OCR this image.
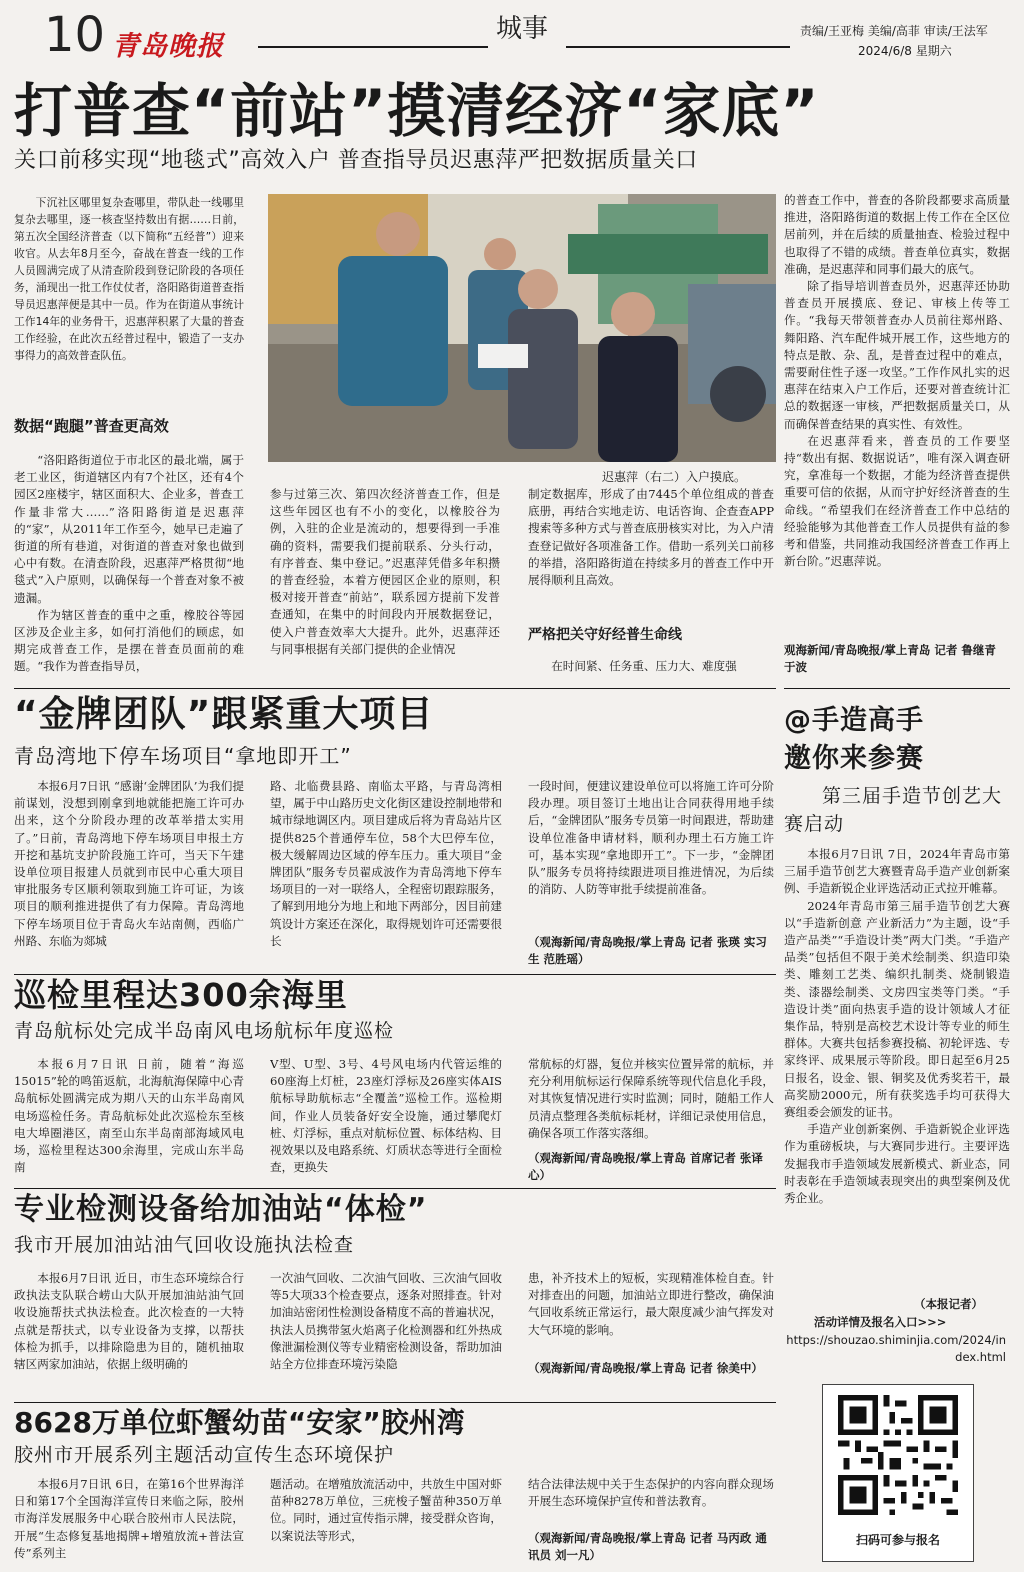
10 青岛晚报
城事	责编/王亚梅 美编/高菲 审读/王法军
2024/6/8 星期六
打普查“前站”摸清经济“家底”
关口前移实现“地毯式”高效入户 普查指导员迟惠萍严把数据质量关口

下沉社区哪里复杂查哪里，带队赴一线哪里复杂去哪里，逐一核查坚持数出有据……日前，第五次全国经济普查（以下简称“五经普”）迎来收官。从去年8月至今，奋战在普查一线的工作人员圆满完成了从清查阶段到登记阶段的各项任务，涌现出一批工作仗仗者，洛阳路街道普查指导员迟惠萍便是其中一员。作为在街道从事统计工作14年的业务骨干，迟惠萍积累了大量的普查工作经验，在此次五经普过程中，锻造了一支办事得力的高效普查队伍。

数据“跑腿”普查更高效
迟惠萍（右二）入户摸底。

“洛阳路街道位于市北区的最北端，属于老工业区，街道辖区内有7个社区，还有4个园区2座楼宇，辖区面积大、企业多，普查工作量非常大……”洛阳路街道是迟惠萍的“家”，从2011年工作至今，她早已走遍了街道的所有巷道，对街道的普查对象也做到心中有数。在清查阶段，迟惠萍严格贯彻“地毯式”入户原则，以确保每一个普查对象不被遗漏。

作为辖区普查的重中之重，橡胶谷等园区涉及企业主多，如何打消他们的顾虑，如期完成普查工作，是摆在普查员面前的难题。“我作为普查指导员，

参与过第三次、第四次经济普查工作，但是这些年园区也有不小的变化，以橡胶谷为例，入驻的企业是流动的，想要得到一手准确的资料，需要我们提前联系、分头行动，有序普查、集中登记。”迟惠萍凭借多年积攒的普查经验，本着方便园区企业的原则，积极对接开普查“前站”，联系园方提前下发普查通知，在集中的时间段内开展数据登记，使入户普查效率大大提升。此外，迟惠萍还与同事根据有关部门提供的企业情况

制定数据库，形成了由7445个单位组成的普查底册，再结合实地走访、电话咨询、企查查APP搜索等多种方式与普查底册核实对比，为入户清查登记做好各项准备工作。借助一系列关口前移的举措，洛阳路街道在持续多月的普查工作中开展得顺利且高效。

严格把关守好经普生命线

在时间紧、任务重、压力大、难度强

的普查工作中，普查的各阶段都要求高质量推进，洛阳路街道的数据上传工作在全区位居前列，并在后续的质量抽查、检验过程中也取得了不错的成绩。普查单位真实，数据准确，是迟惠萍和同事们最大的底气。

除了指导培训普查员外，迟惠萍还协助普查员开展摸底、登记、审核上传等工作。“我每天带领普查办人员前往郑州路、舞阳路、汽车配件城开展工作，这些地方的特点是散、杂、乱，是普查过程中的难点，需要耐住性子逐一攻坚。”工作作风扎实的迟惠萍在结束入户工作后，还要对普查统计汇总的数据逐一审核，严把数据质量关口，从而确保普查结果的真实性、有效性。

在迟惠萍看来，普查员的工作要坚持“数出有据、数据说话”，唯有深入调查研究，拿准每一个数据，才能为经济普查提供重要可信的依据，从而守护好经济普查的生命线。“希望我们在经济普查工作中总结的经验能够为其他普查工作人员提供有益的参考和借鉴，共同推动我国经济普查工作再上新台阶。”迟惠萍说。

观海新闻/青岛晚报/掌上青岛 记者 鲁继青 于波
“金牌团队”跟紧重大项目
青岛湾地下停车场项目“拿地即开工”

本报6月7日讯 “感谢‘金牌团队’为我们提前谋划，没想到刚拿到地就能把施工许可办出来，这个分阶段办理的改革举措太实用了。”日前，青岛湾地下停车场项目申报土方开挖和基坑支护阶段施工许可，当天下午建设单位项目报建人员就到市民中心重大项目审批服务专区顺利领取到施工许可证，为该项目的顺利推进提供了有力保障。青岛湾地下停车场项目位于青岛火车站南侧，西临广州路、东临为郯城

路、北临费县路、南临太平路，与青岛湾相望，属于中山路历史文化街区建设控制地带和城市绿地调区内。项目建成后将为青岛站片区提供825个普通停车位，58个大巴停车位，极大缓解周边区域的停车压力。重大项目“金牌团队”服务专员翟成波作为青岛湾地下停车场项目的一对一联络人，全程密切跟踪服务，了解到用地分为地上和地下两部分，因目前建筑设计方案还在深化，取得规划许可还需要很长

一段时间，便建议建设单位可以将施工许可分阶段办理。项目签订土地出让合同获得用地手续后，“金牌团队”服务专员第一时间跟进，帮助建设单位准备申请材料，顺利办理土石方施工许可，基本实现“拿地即开工”。下一步，“金牌团队”服务专员将持续跟进项目推进情况，为后续的消防、人防等审批手续提前准备。

（观海新闻/青岛晚报/掌上青岛 记者 张瑛 实习生 范胜瑶）
巡检里程达300余海里
青岛航标处完成半岛南风电场航标年度巡检

本报6月7日讯 日前，随着“海巡15015”轮的鸣笛返航，北海航海保障中心青岛航标处圆满完成为期八天的山东半岛南风电场巡检任务。青岛航标处此次巡检东至核电大埠圈港区，南至山东半岛南部海域风电场，巡检里程达300余海里，完成山东半岛南

V型、U型、3号、4号风电场内代管运维的60座海上灯桩，23座灯浮标及26座实体AIS航标导助航标志“全覆盖”巡检工作。巡检期间，作业人员装备好安全设施，通过攀爬灯桩、灯浮标，重点对航标位置、标体结构、目视效果以及电路系统、灯质状态等进行全面检查，更换失

常航标的灯器，复位并核实位置异常的航标，并充分利用航标运行保障系统等现代信息化手段，对其恢复情况进行实时监测；同时，随船工作人员清点整理各类航标耗材，详细记录使用信息，确保各项工作落实落细。

（观海新闻/青岛晚报/掌上青岛 首席记者 张译心）
专业检测设备给加油站“体检”
我市开展加油站油气回收设施执法检查

本报6月7日讯 近日，市生态环境综合行政执法支队联合崂山大队开展加油站油气回收设施帮扶式执法检查。此次检查的一大特点就是帮扶式，以专业设备为支撑，以帮扶体检为抓手，以排除隐患为目的，随机抽取辖区两家加油站，依据上级明确的

一次油气回收、二次油气回收、三次油气回收等5大项33个检查要点，逐条对照排查。针对加油站密闭性检测设备精度不高的普遍状况，执法人员携带氢火焰离子化检测器和红外热成像泄漏检测仪等专业精密检测设备，帮助加油站全方位排查环境污染隐

患，补齐技术上的短板，实现精准体检自查。针对排查出的问题，加油站立即进行整改，确保油气回收系统正常运行，最大限度减少油气挥发对大气环境的影响。

（观海新闻/青岛晚报/掌上青岛 记者 徐美中）
8628万单位虾蟹幼苗“安家”胶州湾
胶州市开展系列主题活动宣传生态环境保护

本报6月7日讯 6日，在第16个世界海洋日和第17个全国海洋宣传日来临之际，胶州市海洋发展服务中心联合胶州市人民法院，开展“生态修复基地揭牌+增殖放流+普法宣传”系列主

题活动。在增殖放流活动中，共放生中国对虾苗种8278万单位，三疣梭子蟹苗种350万单位。同时，通过宣传指示牌，接受群众咨询，以案说法等形式，

结合法律法规中关于生态保护的内容向群众现场开展生态环境保护宣传和普法教育。

（观海新闻/青岛晚报/掌上青岛 记者 马丙政 通讯员 刘一凡）
@手造高手
邀你来参赛
第三届手造节创艺大赛启动

本报6月7日讯 7日，2024年青岛市第三届手造节创艺大赛暨青岛手造产业创新案例、手造新锐企业评选活动正式拉开帷幕。

2024年青岛市第三届手造节创艺大赛以“手造新创意 产业新活力”为主题，设“手造产品类”“手造设计类”两大门类。“手造产品类”包括但不限于美术绘制类、织造印染类、雕刻工艺类、编织扎制类、烧制锻造类、漆器绘制类、文房四宝类等门类。“手造设计类”面向热衷手造的设计领域人才征集作品，特别是高校艺术设计等专业的师生群体。大赛共包括参赛投稿、初轮评选、专家终评、成果展示等阶段。即日起至6月25日报名，设金、银、铜奖及优秀奖若干，最高奖励2000元，所有获奖选手均可获得大赛组委会颁发的证书。

手造产业创新案例、手造新锐企业评选作为重磅板块，与大赛同步进行。主要评选发掘我市手造领域发展新模式、新业态，同时表彰在手造领域表现突出的典型案例及优秀企业。

（本报记者）
活动详情及报名入口>>>
https://shouzao.shiminjia.com/2024/index.html
扫码可参与报名
